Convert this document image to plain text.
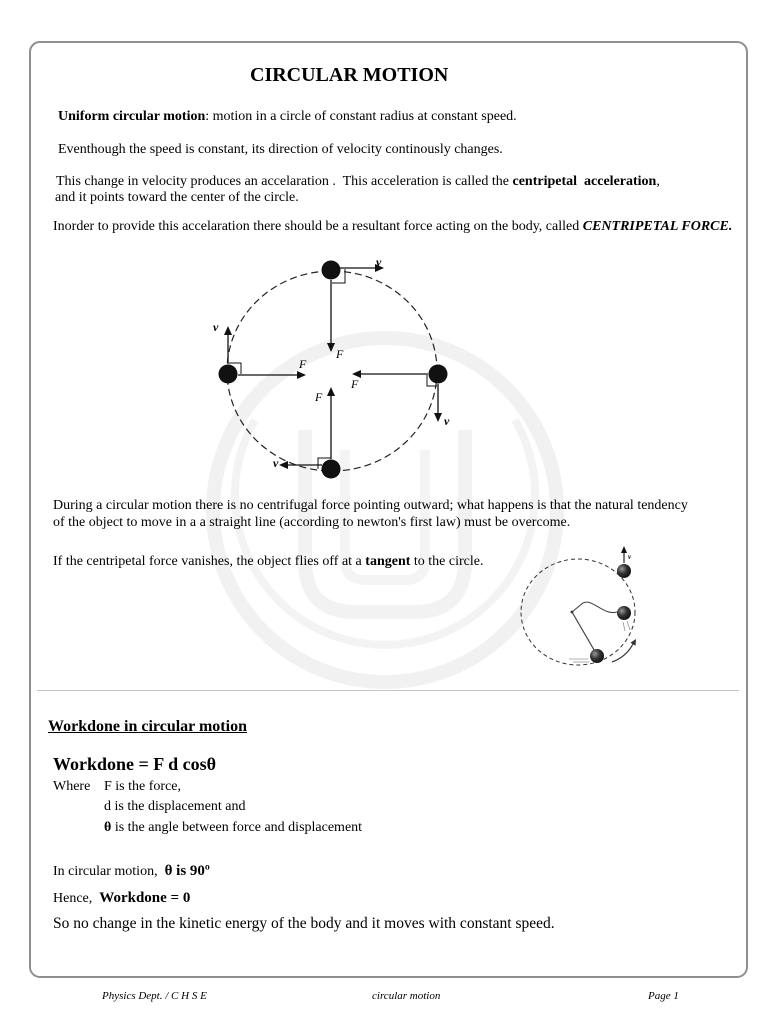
CIRCULAR MOTION
Uniform circular motion: motion in a circle of constant radius at constant speed.
Eventhough the speed is constant, its direction of velocity continously changes.
This change in velocity produces an accelaration .  This acceleration is called the centripetal  acceleration,
and it points toward the center of the circle.
Inorder to provide this accelaration there should be a resultant force acting on the body, called CENTRIPETAL FORCE.
v
F
v
F
v
F
v
F
During a circular motion there is no centrifugal force pointing outward; what happens is that the natural tendency
of the object to move in a a straight line (according to newton's first law) must be overcome.
If the centripetal force vanishes, the object flies off at a tangent to the circle.	v
Workdone in circular motion
Workdone = F d cosθ
Where F is the force,
d is the displacement and
θ is the angle between force and displacement
In circular motion,  θ is 90º
Hence,  Workdone = 0
So no change in the kinetic energy of the body and it moves with constant speed.
Physics Dept. / C H S E	circular motion	Page 1
